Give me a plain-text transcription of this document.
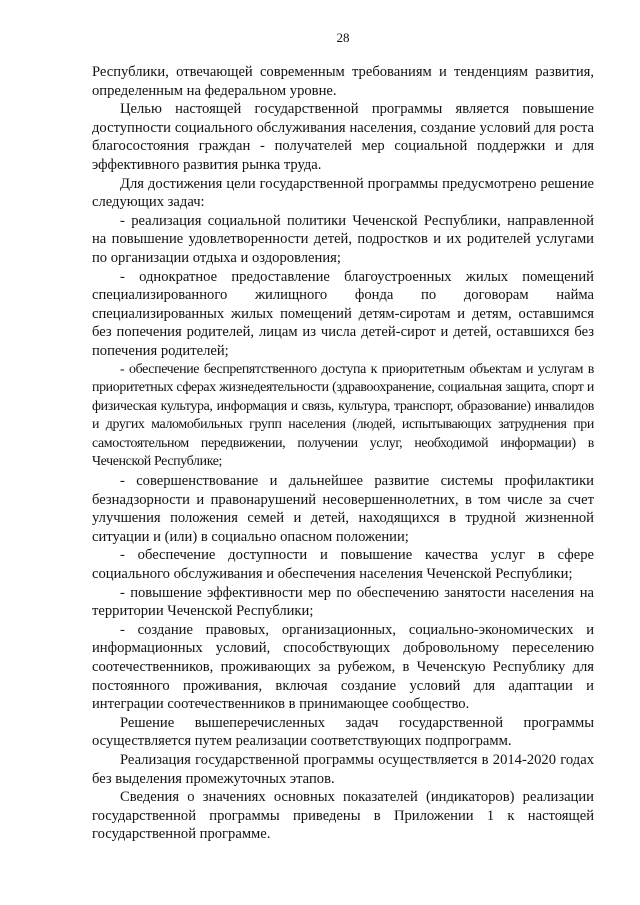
28

Республики, отвечающей современным требованиям и тенденциям развития, определенным на федеральном уровне.

Целью настоящей государственной программы является повышение доступности социального обслуживания населения, создание условий для роста благосостояния граждан - получателей мер социальной поддержки и для эффективного развития рынка труда.

Для достижения цели государственной программы предусмотрено решение следующих задач:

- реализация социальной политики Чеченской Республики, направленной на повышение удовлетворенности детей, подростков и их родителей услугами по организации отдыха и оздоровления;

- однократное предоставление благоустроенных жилых помещений специализированного жилищного фонда по договорам найма специализированных жилых помещений детям-сиротам и детям, оставшимся без попечения родителей, лицам из числа детей-сирот и детей, оставшихся без попечения родителей;

- обеспечение беспрепятственного доступа к приоритетным объектам и услугам в приоритетных сферах жизнедеятельности (здравоохранение, социальная защита, спорт и физическая культура, информация и связь, культура, транспорт, образование) инвалидов и других маломобильных групп населения (людей, испытывающих затруднения при самостоятельном передвижении, получении услуг, необходимой информации) в Чеченской Республике;

- совершенствование и дальнейшее развитие системы профилактики безнадзорности и правонарушений несовершеннолетних, в том числе за счет улучшения положения семей и детей, находящихся в трудной жизненной ситуации и (или) в социально опасном положении;

- обеспечение доступности и повышение качества услуг в сфере социального обслуживания и обеспечения населения Чеченской Республики;

- повышение эффективности мер по обеспечению занятости населения на территории Чеченской Республики;

- создание правовых, организационных, социально-экономических и информационных условий, способствующих добровольному переселению соотечественников, проживающих за рубежом, в Чеченскую Республику для постоянного проживания, включая создание условий для адаптации и интеграции соотечественников в принимающее сообщество.

Решение вышеперечисленных задач государственной программы осуществляется путем реализации соответствующих подпрограмм.

Реализация государственной программы осуществляется в 2014-2020 годах без выделения промежуточных этапов.

Сведения о значениях основных показателей (индикаторов) реализации государственной программы приведены в Приложении 1 к настоящей государственной программе.
